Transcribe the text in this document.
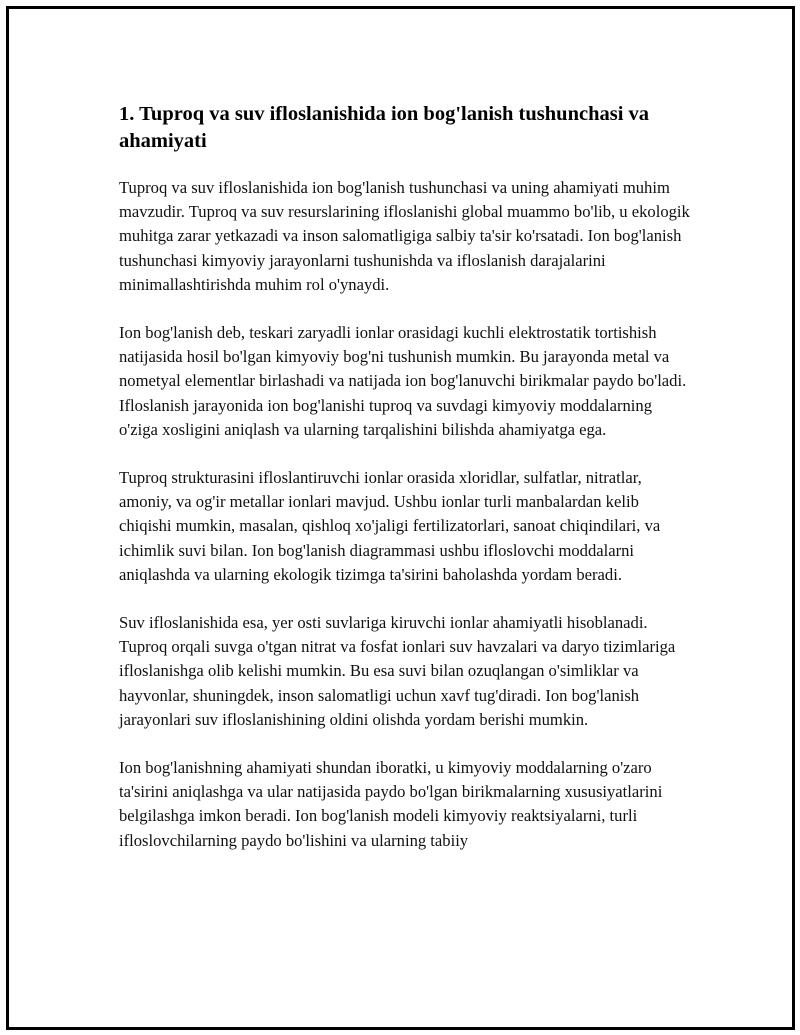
1. Tuproq va suv ifloslanishida ion bog'lanish tushunchasi va ahamiyati

Tuproq va suv ifloslanishida ion bog'lanish tushunchasi va uning ahamiyati muhim mavzudir. Tuproq va suv resurslarining ifloslanishi global muammo bo'lib, u ekologik muhitga zarar yetkazadi va inson salomatligiga salbiy ta'sir ko'rsatadi. Ion bog'lanish tushunchasi kimyoviy jarayonlarni tushunishda va ifloslanish darajalarini minimallashtirishda muhim rol o'ynaydi.

Ion bog'lanish deb, teskari zaryadli ionlar orasidagi kuchli elektrostatik tortishish natijasida hosil bo'lgan kimyoviy bog'ni tushunish mumkin. Bu jarayonda metal va nometyal elementlar birlashadi va natijada ion bog'lanuvchi birikmalar paydo bo'ladi. Ifloslanish jarayonida ion bog'lanishi tuproq va suvdagi kimyoviy moddalarning o'ziga xosligini aniqlash va ularning tarqalishini bilishda ahamiyatga ega.

Tuproq strukturasini ifloslantiruvchi ionlar orasida xloridlar, sulfatlar, nitratlar, amoniy, va og'ir metallar ionlari mavjud. Ushbu ionlar turli manbalardan kelib chiqishi mumkin, masalan, qishloq xo'jaligi fertilizatorlari, sanoat chiqindilari, va ichimlik suvi bilan. Ion bog'lanish diagrammasi ushbu ifloslovchi moddalarni aniqlashda va ularning ekologik tizimga ta'sirini baholashda yordam beradi.

Suv ifloslanishida esa, yer osti suvlariga kiruvchi ionlar ahamiyatli hisoblanadi. Tuproq orqali suvga o'tgan nitrat va fosfat ionlari suv havzalari va daryo tizimlariga ifloslanishga olib kelishi mumkin. Bu esa suvi bilan ozuqlangan o'simliklar va hayvonlar, shuningdek, inson salomatligi uchun xavf tug'diradi. Ion bog'lanish jarayonlari suv ifloslanishining oldini olishda yordam berishi mumkin.

Ion bog'lanishning ahamiyati shundan iboratki, u kimyoviy moddalarning o'zaro ta'sirini aniqlashga va ular natijasida paydo bo'lgan birikmalarning xususiyatlarini belgilashga imkon beradi. Ion bog'lanish modeli kimyoviy reaktsiyalarni, turli ifloslovchilarning paydo bo'lishini va ularning tabiiy
